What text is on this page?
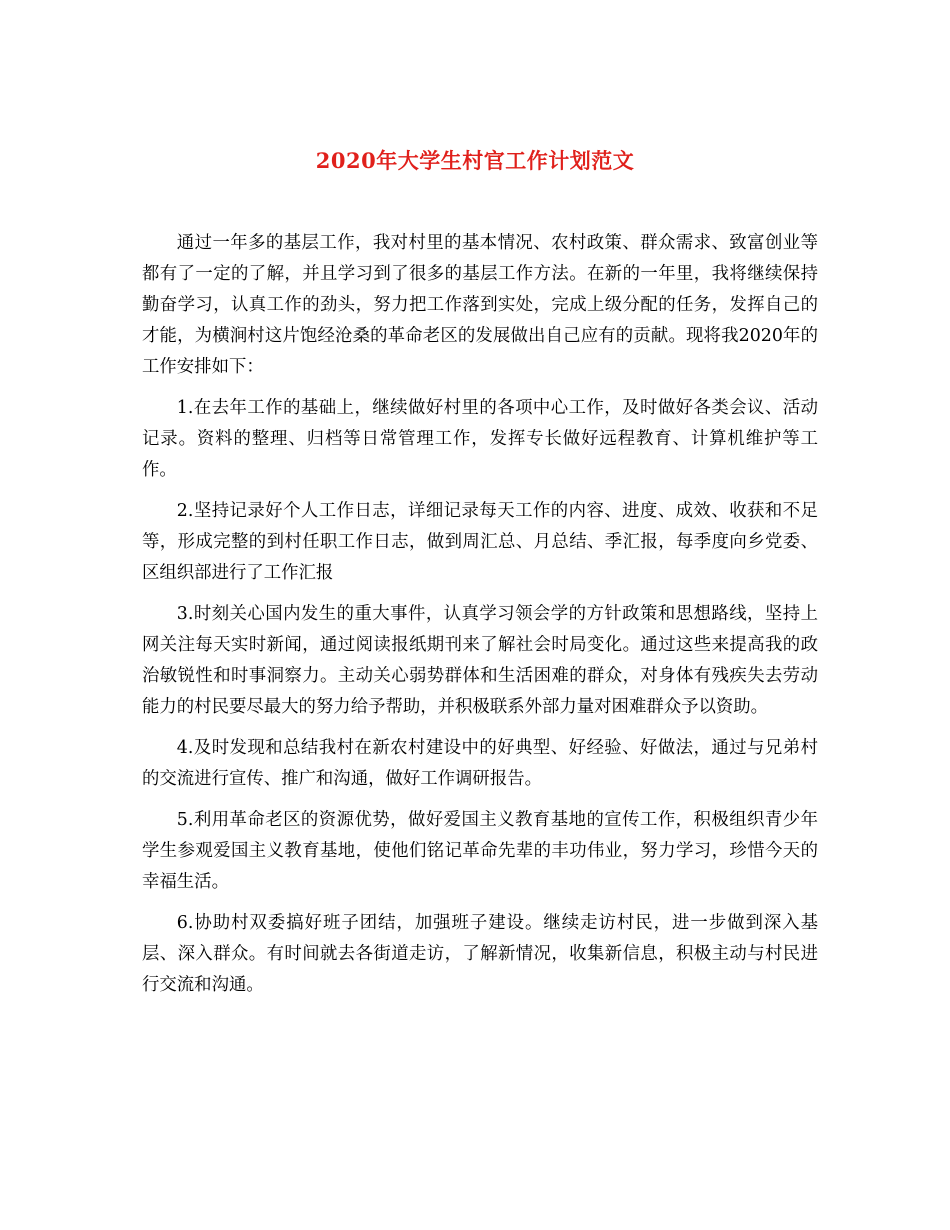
2020年大学生村官工作计划范文

通过一年多的基层工作，我对村里的基本情况、农村政策、群众需求、致富创业等都有了一定的了解，并且学习到了很多的基层工作方法。在新的一年里，我将继续保持勤奋学习，认真工作的劲头，努力把工作落到实处，完成上级分配的任务，发挥自己的才能，为横涧村这片饱经沧桑的革命老区的发展做出自己应有的贡献。现将我2020年的工作安排如下：

1.在去年工作的基础上，继续做好村里的各项中心工作，及时做好各类会议、活动记录。资料的整理、归档等日常管理工作，发挥专长做好远程教育、计算机维护等工作。

2.坚持记录好个人工作日志，详细记录每天工作的内容、进度、成效、收获和不足等，形成完整的到村任职工作日志，做到周汇总、月总结、季汇报，每季度向乡党委、区组织部进行了工作汇报

3.时刻关心国内发生的重大事件，认真学习领会学的方针政策和思想路线，坚持上网关注每天实时新闻，通过阅读报纸期刊来了解社会时局变化。通过这些来提高我的政治敏锐性和时事洞察力。主动关心弱势群体和生活困难的群众，对身体有残疾失去劳动能力的村民要尽最大的努力给予帮助，并积极联系外部力量对困难群众予以资助。

4.及时发现和总结我村在新农村建设中的好典型、好经验、好做法，通过与兄弟村的交流进行宣传、推广和沟通，做好工作调研报告。

5.利用革命老区的资源优势，做好爱国主义教育基地的宣传工作，积极组织青少年学生参观爱国主义教育基地，使他们铭记革命先辈的丰功伟业，努力学习，珍惜今天的幸福生活。

6.协助村双委搞好班子团结，加强班子建设。继续走访村民，进一步做到深入基层、深入群众。有时间就去各街道走访，了解新情况，收集新信息，积极主动与村民进行交流和沟通。
